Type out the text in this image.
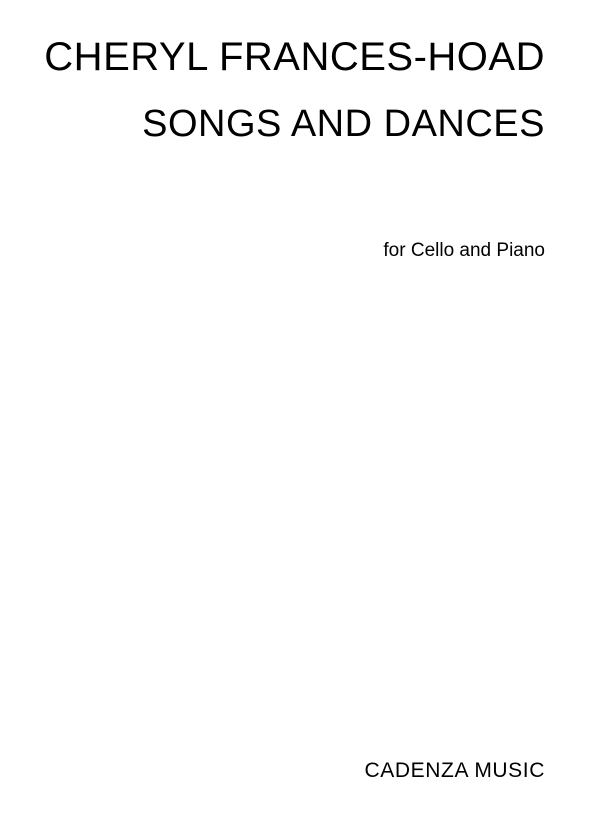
CHERYL FRANCES-HOAD
SONGS AND DANCES
for Cello and Piano
CADENZA MUSIC
